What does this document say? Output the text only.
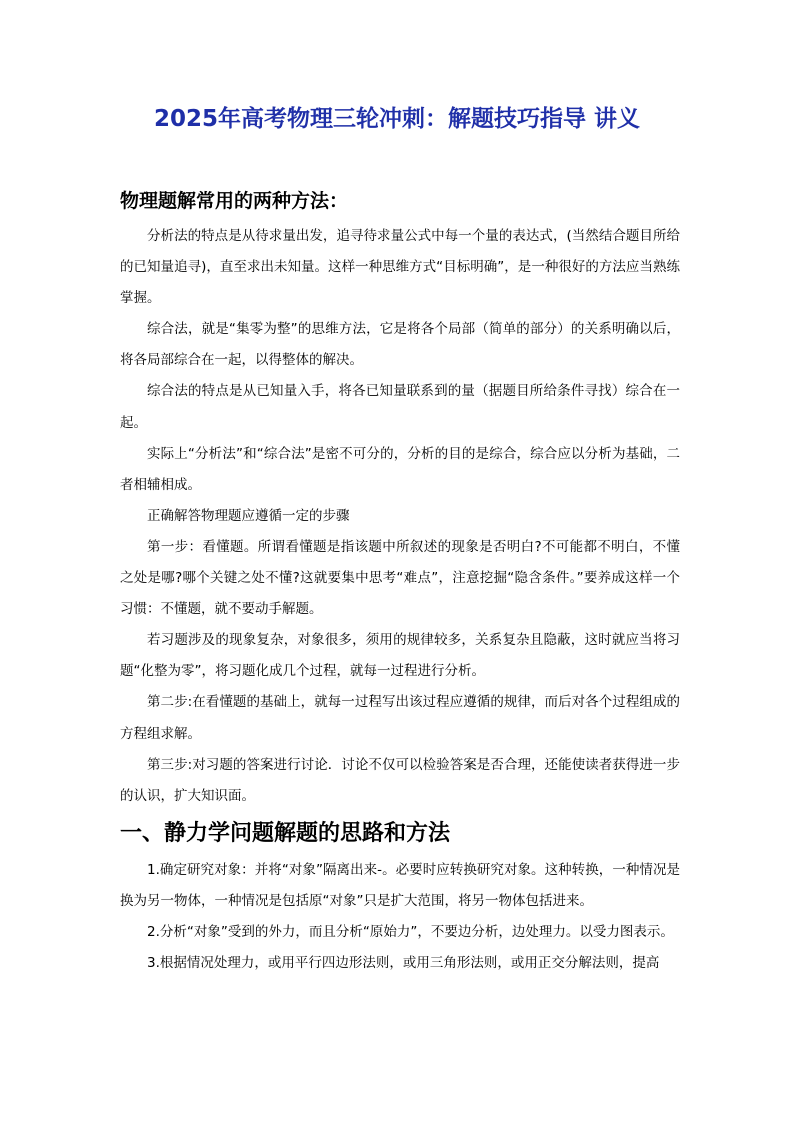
2025年高考物理三轮冲刺：解题技巧指导 讲义
物理题解常用的两种方法：

分析法的特点是从待求量出发，追寻待求量公式中每一个量的表达式，(当然结合题目所给的已知量追寻)，直至求出未知量。这样一种思维方式“目标明确”，是一种很好的方法应当熟练掌握。

综合法，就是“集零为整”的思维方法，它是将各个局部（简单的部分）的关系明确以后，将各局部综合在一起，以得整体的解决。

综合法的特点是从已知量入手，将各已知量联系到的量（据题目所给条件寻找）综合在一起。

实际上“分析法”和“综合法”是密不可分的，分析的目的是综合，综合应以分析为基础，二者相辅相成。

正确解答物理题应遵循一定的步骤

第一步：看懂题。所谓看懂题是指该题中所叙述的现象是否明白?不可能都不明白，不懂之处是哪?哪个关键之处不懂?这就要集中思考“难点”，注意挖掘“隐含条件。”要养成这样一个习惯：不懂题，就不要动手解题。

若习题涉及的现象复杂，对象很多，须用的规律较多，关系复杂且隐蔽，这时就应当将习题“化整为零”，将习题化成几个过程，就每一过程进行分析。

第二步:在看懂题的基础上，就每一过程写出该过程应遵循的规律，而后对各个过程组成的方程组求解。

第三步:对习题的答案进行讨论．讨论不仅可以检验答案是否合理，还能使读者获得进一步的认识，扩大知识面。

一、静力学问题解题的思路和方法

1.确定研究对象：并将“对象”隔离出来-。必要时应转换研究对象。这种转换，一种情况是换为另一物体，一种情况是包括原“对象”只是扩大范围，将另一物体包括进来。

2.分析“对象”受到的外力，而且分析“原始力”，不要边分析，边处理力。以受力图表示。

3.根据情况处理力，或用平行四边形法则，或用三角形法则，或用正交分解法则，提高
